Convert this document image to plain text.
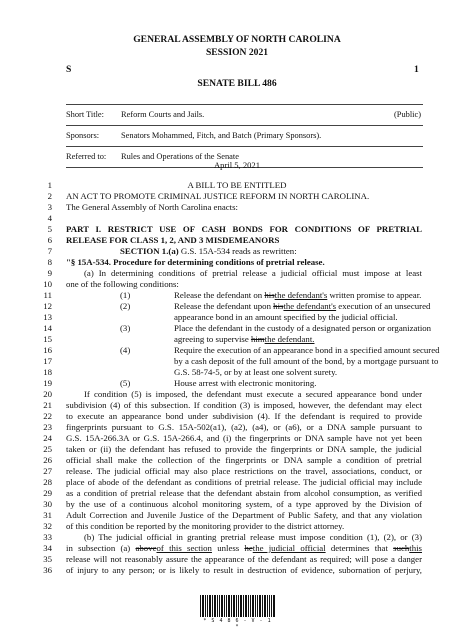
GENERAL ASSEMBLY OF NORTH CAROLINA
SESSION 2021
S	1
SENATE BILL 486
Short Title: Reform Courts and Jails.	(Public)
Sponsors:	Senators Mohammed, Fitch, and Batch (Primary Sponsors).
Referred to: Rules and Operations of the Senate
April 5, 2021
1
2
3
4
5
6
7
8
9
10
11
12
13
14
15
16
17
18
19
20
21
22
23
24
25
26
27
28
29
30
31
32
33
34
35
36
A BILL TO BE ENTITLED
AN ACT TO PROMOTE CRIMINAL JUSTICE REFORM IN NORTH CAROLINA.
The General Assembly of North Carolina enacts:
PART I. RESTRICT USE OF CASH BONDS FOR CONDITIONS OF PRETRIAL
RELEASE FOR CLASS 1, 2, AND 3 MISDEMEANORS
SECTION 1.(a) G.S. 15A-534 reads as rewritten:
"§ 15A-534. Procedure for determining conditions of pretrial release.
(a) In determining conditions of pretrial release a judicial official must impose at least
one of the following conditions:
(1)	Release the defendant on histhe defendant's written promise to appear.
(2)	Release the defendant upon histhe defendant's execution of an unsecured
appearance bond in an amount specified by the judicial official.
(3)	Place the defendant in the custody of a designated person or organization
agreeing to supervise himthe defendant.
(4)	Require the execution of an appearance bond in a specified amount secured
by a cash deposit of the full amount of the bond, by a mortgage pursuant to
G.S. 58-74-5, or by at least one solvent surety.
(5)	House arrest with electronic monitoring.
If condition (5) is imposed, the defendant must execute a secured appearance bond under
subdivision (4) of this subsection. If condition (3) is imposed, however, the defendant may elect
to execute an appearance bond under subdivision (4). If the defendant is required to provide
fingerprints pursuant to G.S. 15A-502(a1), (a2), (a4), or (a6), or a DNA sample pursuant to
G.S. 15A-266.3A or G.S. 15A-266.4, and (i) the fingerprints or DNA sample have not yet been
taken or (ii) the defendant has refused to provide the fingerprints or DNA sample, the judicial
official shall make the collection of the fingerprints or DNA sample a condition of pretrial
release. The judicial official may also place restrictions on the travel, associations, conduct, or
place of abode of the defendant as conditions of pretrial release. The judicial official may include
as a condition of pretrial release that the defendant abstain from alcohol consumption, as verified
by the use of a continuous alcohol monitoring system, of a type approved by the Division of
Adult Correction and Juvenile Justice of the Department of Public Safety, and that any violation
of this condition be reported by the monitoring provider to the district attorney.
(b) The judicial official in granting pretrial release must impose condition (1), (2), or (3)
in subsection (a) aboveof this section unless hethe judicial official determines that suchthis
release will not reasonably assure the appearance of the defendant as required; will pose a danger
of injury to any person; or is likely to result in destruction of evidence, subornation of perjury,
* S 4 8 6 - V - 1 *
